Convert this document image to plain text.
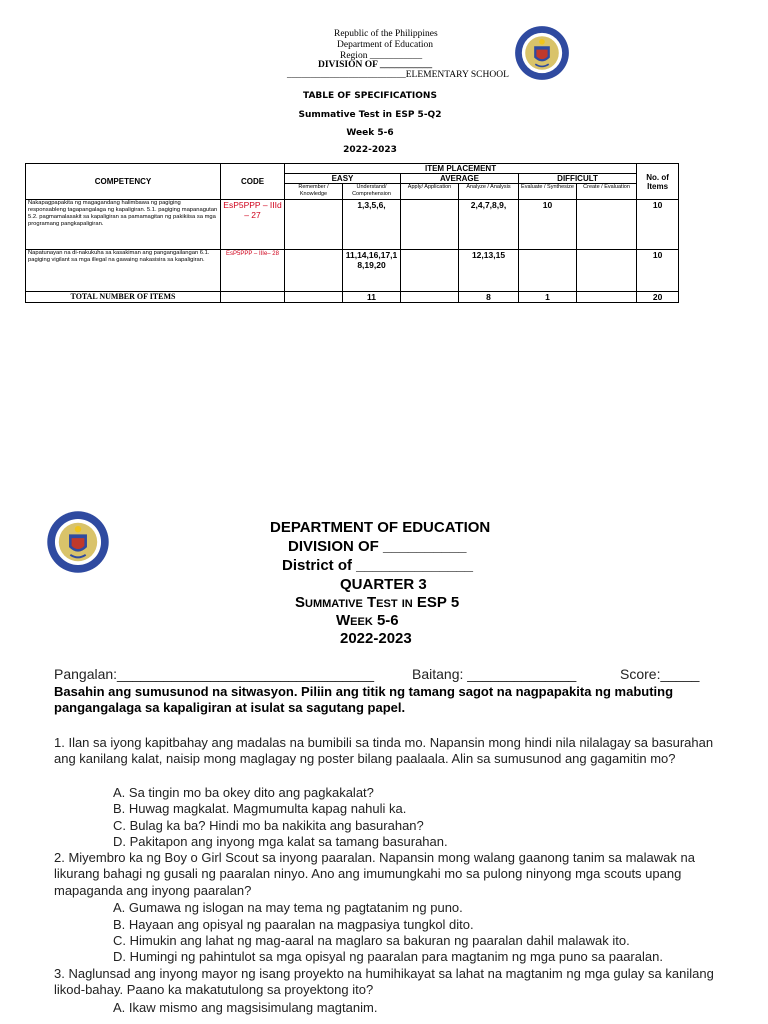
Republic of the Philippines
Department of Education
Region ___________
DIVISION OF ___________
_________________________ELEMENTARY SCHOOL
TABLE OF SPECIFICATIONS
Summative Test in ESP 5-Q2
Week 5-6
2022-2023
COMPETENCY	CODE	ITEM PLACEMENT						No. of Items
		EASY		AVERAGE		DIFFICULT		
		Remember / Knowledge	Understand/ Comprehension	Apply/ Application	Analyze / Analysis	Evaluate / Synthesize	Create / Evaluation	
Nakapagpapakita ng magagandang halimbawa ng pagiging responsableng tagapangalaga ng kapaligiran. 5.1. pagiging mapanagutan 5.2. pagmamalasakit sa kapaligiran sa pamamagitan ng pakikiisa sa mga programang pangkapaligiran.	EsP5PPP – IIId – 27		1,3,5,6,		2,4,7,8,9,	10		10
Napatunayan na di-nakukuha sa kasakiman ang pangangailangan 6.1. pagiging vigilant sa mga illegal na gawaing nakasisira sa kapaligiran.	EsP5PPP – IIIe– 28		11,14,16,17,18,19,20		12,13,15			10
TOTAL NUMBER OF ITEMS			11		8	1		20
DEPARTMENT OF EDUCATION
DIVISION OF __________
District of ______________
QUARTER 3
Summative Test in ESP 5
Week 5-6
2022-2023
Pangalan:_________________________________	Baitang: ______________	Score:_____
Basahin ang sumusunod na sitwasyon. Piliin ang titik ng tamang sagot na nagpapakita ng mabuting pangangalaga sa kapaligiran at isulat sa sagutang papel.
1. Ilan sa iyong kapitbahay ang madalas na bumibili sa tinda mo. Napansin mong hindi nila nilalagay sa basurahan ang kanilang kalat, naisip mong maglagay ng poster bilang paalaala. Alin sa sumusunod ang gagamitin mo?
A. Sa tingin mo ba okey dito ang pagkakalat?
B. Huwag magkalat. Magmumulta kapag nahuli ka.
C. Bulag ka ba? Hindi mo ba nakikita ang basurahan?
D. Pakitapon ang inyong mga kalat sa tamang basurahan.
2. Miyembro ka ng Boy o Girl Scout sa inyong paaralan. Napansin mong walang gaanong tanim sa malawak na likurang bahagi ng gusali ng paaralan ninyo. Ano ang imumungkahi mo sa pulong ninyong mga scouts upang mapaganda ang inyong paaralan?
A. Gumawa ng islogan na may tema ng pagtatanim ng puno.
B. Hayaan ang opisyal ng paaralan na magpasiya tungkol dito.
C. Himukin ang lahat ng mag-aaral na maglaro sa bakuran ng paaralan dahil malawak ito.
D. Humingi ng pahintulot sa mga opisyal ng paaralan para magtanim ng mga puno sa paaralan.
3. Naglunsad ang inyong mayor ng isang proyekto na humihikayat sa lahat na magtanim ng mga gulay sa kanilang likod-bahay. Paano ka makatutulong sa proyektong ito?
A. Ikaw mismo ang magsisimulang magtanim.
